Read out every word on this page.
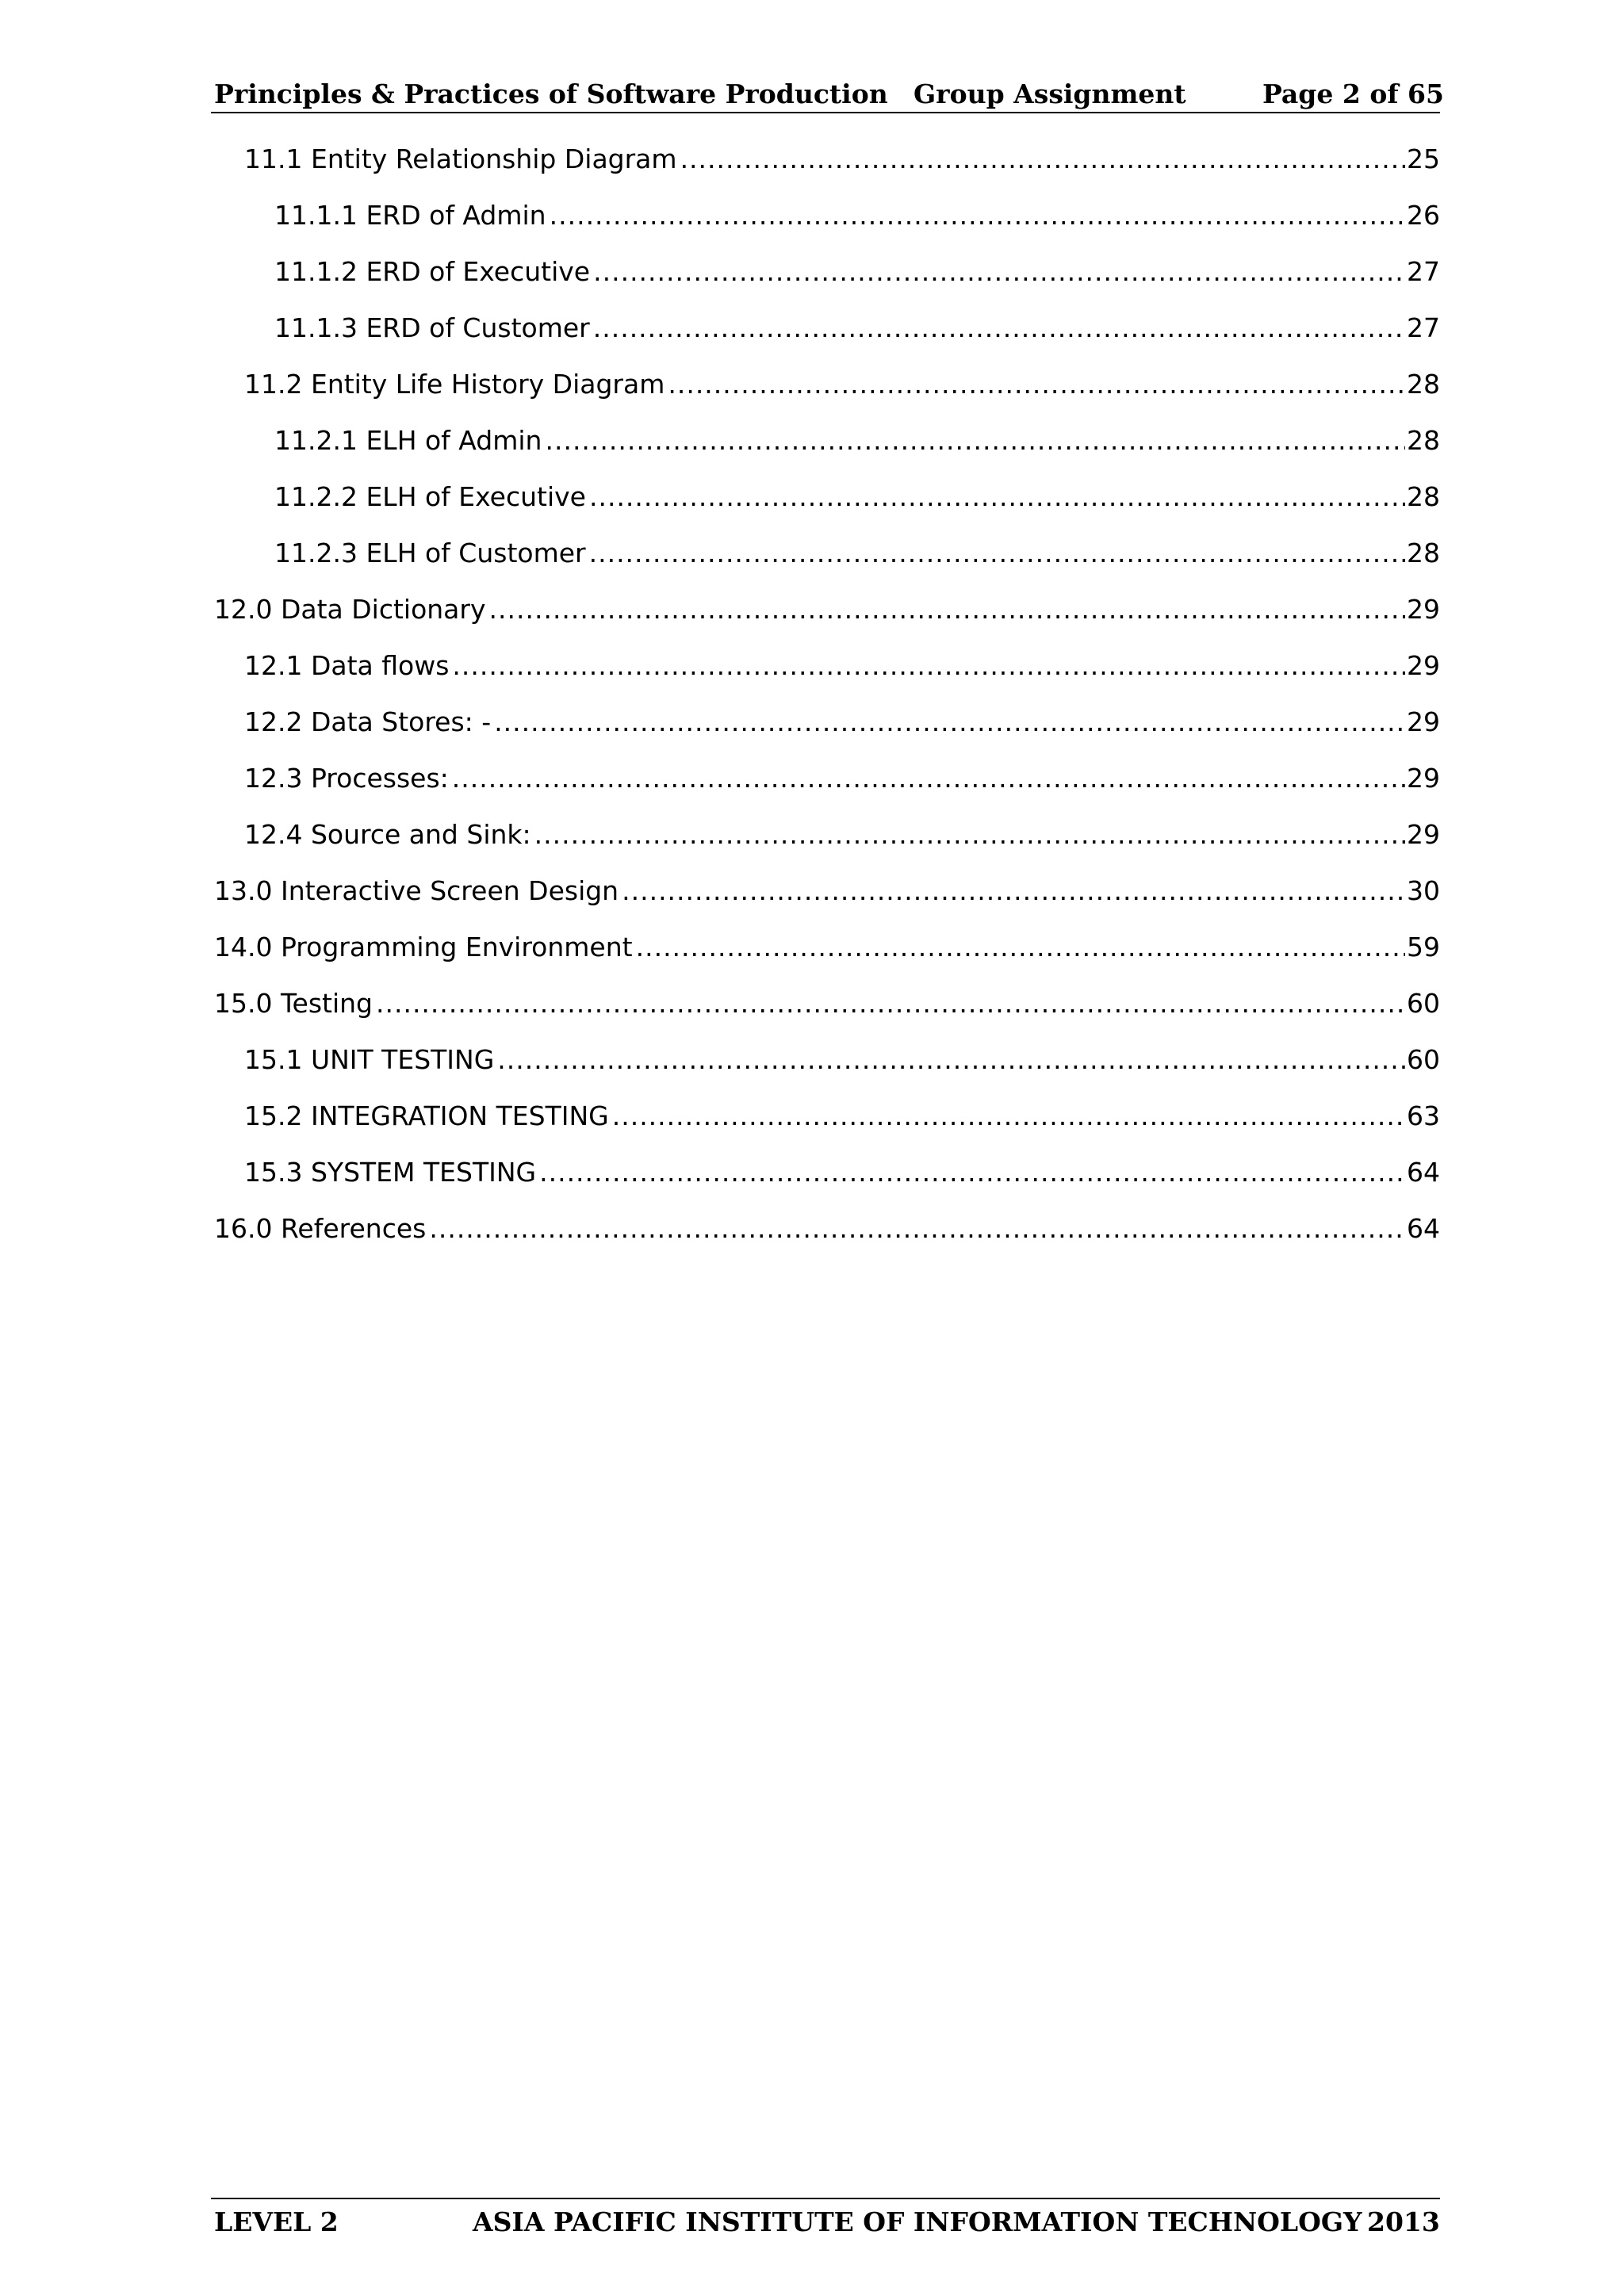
Principles & Practices of Software Production Group Assignment	Page 2 of 65
11.1 Entity Relationship Diagram .....	25
11.1.1 ERD of Admin .....	26
11.1.2 ERD of Executive .....	27
11.1.3 ERD of Customer .....	27
11.2 Entity Life History Diagram .....	28
11.2.1 ELH of Admin .....	28
11.2.2 ELH of Executive .....	28
11.2.3 ELH of Customer .....	28
12.0 Data Dictionary .....	29
12.1 Data flows .....	29
12.2 Data Stores: - .....	29
12.3 Processes: .....	29
12.4 Source and Sink: .....	29
13.0 Interactive Screen Design .....	30
14.0 Programming Environment .....	59
15.0 Testing .....	60
15.1 UNIT TESTING .....	60
15.2 INTEGRATION TESTING .....	63
15.3 SYSTEM TESTING .....	64
16.0 References .....	64
LEVEL 2	ASIA PACIFIC INSTITUTE OF INFORMATION TECHNOLOGY 2013
